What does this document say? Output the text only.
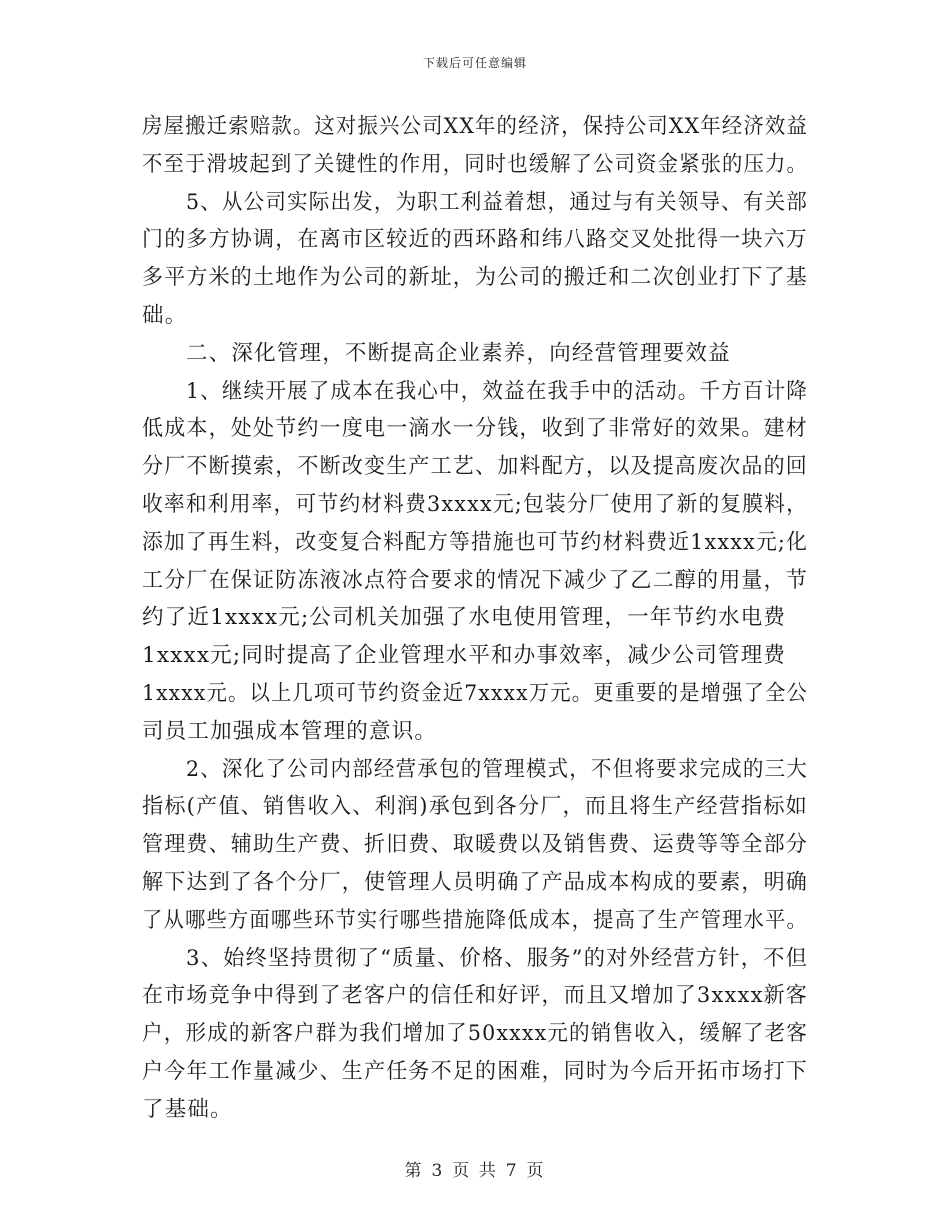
下载后可任意编辑
房屋搬迁索赔款。这对振兴公司XX年的经济，保持公司XX年经济效益
不至于滑坡起到了关键性的作用，同时也缓解了公司资金紧张的压力。
5、从公司实际出发，为职工利益着想，通过与有关领导、有关部
门的多方协调，在离市区较近的西环路和纬八路交叉处批得一块六万
多平方米的土地作为公司的新址，为公司的搬迁和二次创业打下了基
础。
二、深化管理，不断提高企业素养，向经营管理要效益
1、继续开展了成本在我心中，效益在我手中的活动。千方百计降
低成本，处处节约一度电一滴水一分钱，收到了非常好的效果。建材
分厂不断摸索，不断改变生产工艺、加料配方，以及提高废次品的回
收率和利用率，可节约材料费3xxxx元;包装分厂使用了新的复膜料，
添加了再生料，改变复合料配方等措施也可节约材料费近1xxxx元;化
工分厂在保证防冻液冰点符合要求的情况下减少了乙二醇的用量，节
约了近1xxxx元;公司机关加强了水电使用管理，一年节约水电费
1xxxx元;同时提高了企业管理水平和办事效率，减少公司管理费
1xxxx元。以上几项可节约资金近7xxxx万元。更重要的是增强了全公
司员工加强成本管理的意识。
2、深化了公司内部经营承包的管理模式，不但将要求完成的三大
指标(产值、销售收入、利润)承包到各分厂，而且将生产经营指标如
管理费、辅助生产费、折旧费、取暖费以及销售费、运费等等全部分
解下达到了各个分厂，使管理人员明确了产品成本构成的要素，明确
了从哪些方面哪些环节实行哪些措施降低成本，提高了生产管理水平。
3、始终坚持贯彻了“质量、价格、服务”的对外经营方针，不但
在市场竞争中得到了老客户的信任和好评，而且又增加了3xxxx新客
户，形成的新客户群为我们增加了50xxxx元的销售收入，缓解了老客
户今年工作量减少、生产任务不足的困难，同时为今后开拓市场打下
了基础。
第 3 页 共 7 页
